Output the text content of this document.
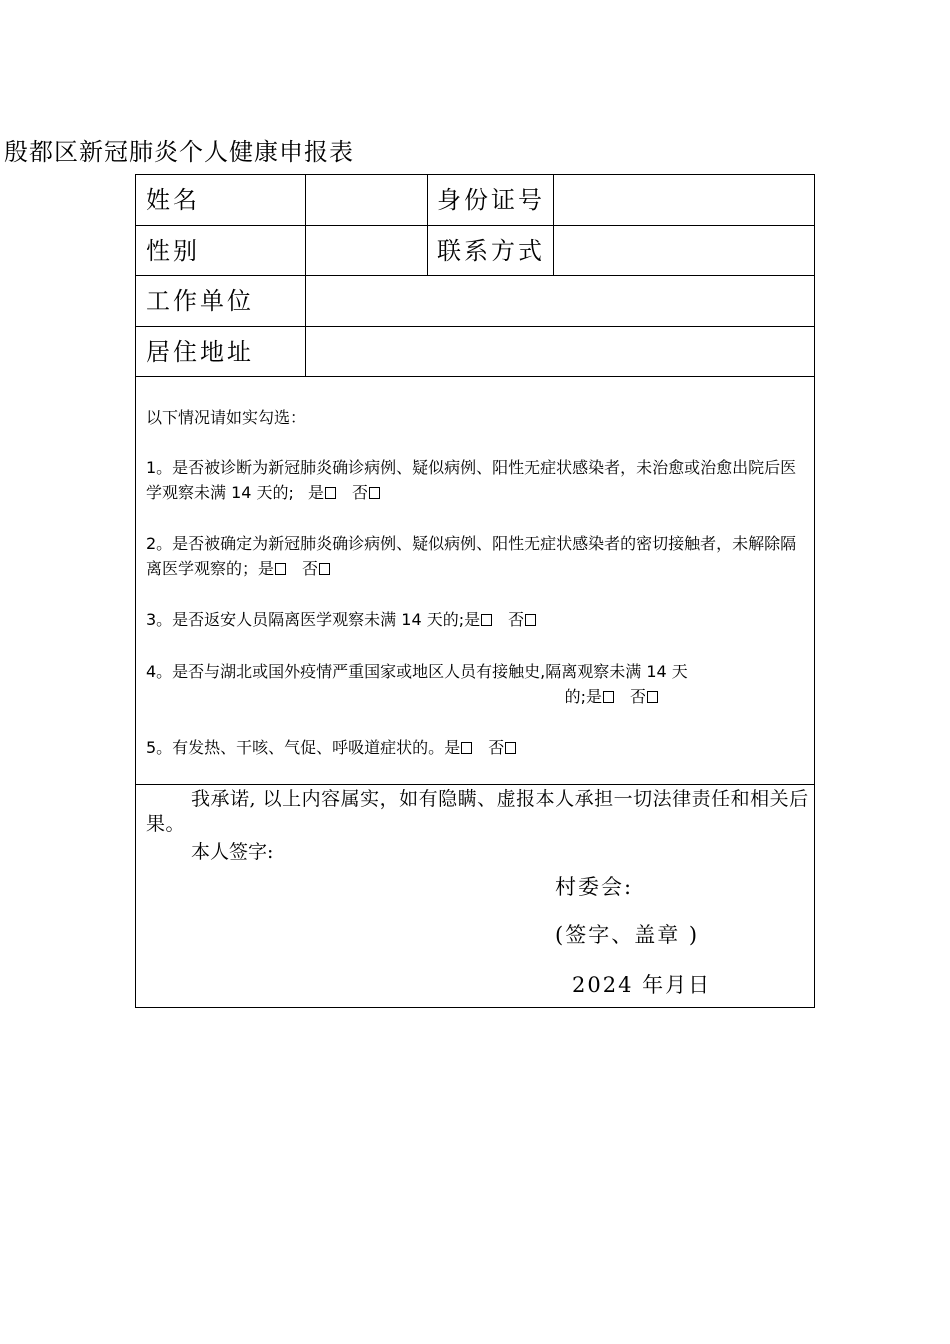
殷都区新冠肺炎个人健康申报表
姓名	身份证号
性别	联系方式
工作单位
居住地址
以下情况请如实勾选：
1。是否被诊断为新冠肺炎确诊病例、疑似病例、阳性无症状感染者，未治愈或治愈出院后医学观察未满 14 天的; 是 否
2。是否被确定为新冠肺炎确诊病例、疑似病例、阳性无症状感染者的密切接触者，未解除隔离医学观察的；是 否
3。是否返安人员隔离医学观察未满 14 天的;是 否
4。是否与湖北或国外疫情严重国家或地区人员有接触史,隔离观察未满 14 天
的;是 否
5。有发热、干咳、气促、呼吸道症状的。是 否
我承诺, 以上内容属实，如有隐瞒、虚报本人承担一切法律责任和相关后果。
本人签字:
村委会:
(签字、盖章 )
2024 年月日
